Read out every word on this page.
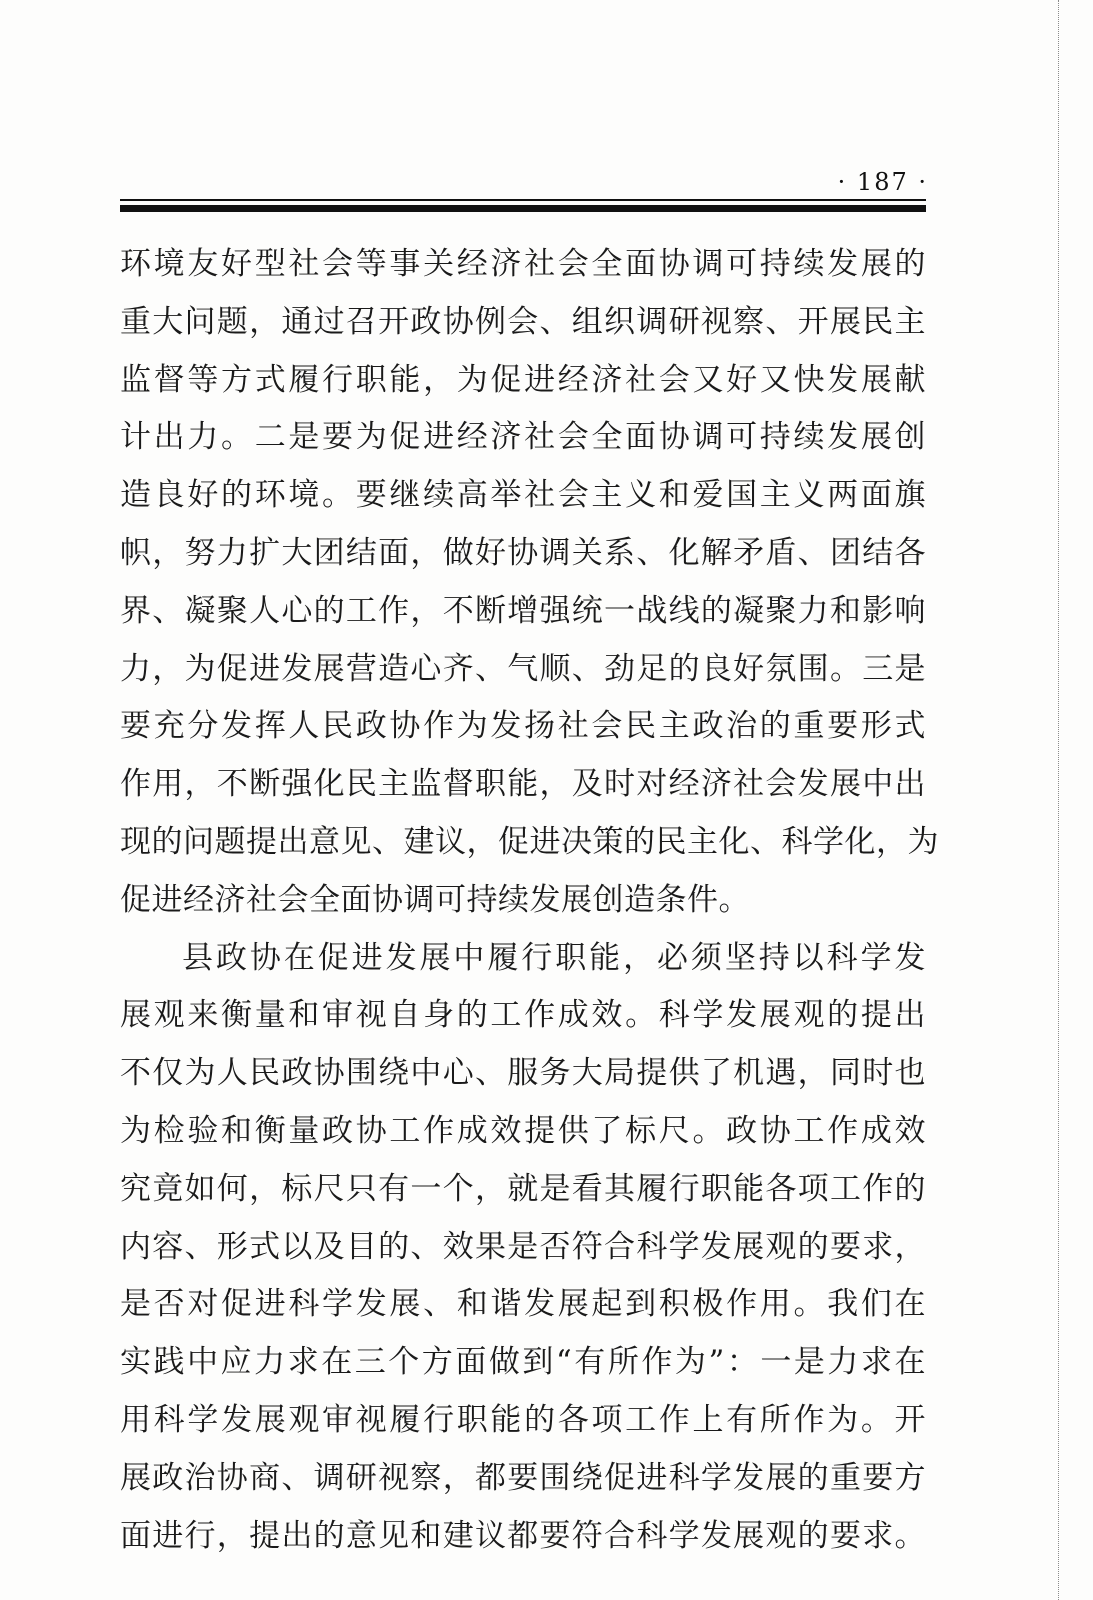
· 187 ·
环境友好型社会等事关经济社会全面协调可持续发展的
重大问题，通过召开政协例会、组织调研视察、开展民主
监督等方式履行职能，为促进经济社会又好又快发展献
计出力。二是要为促进经济社会全面协调可持续发展创
造良好的环境。要继续高举社会主义和爱国主义两面旗
帜，努力扩大团结面，做好协调关系、化解矛盾、团结各
界、凝聚人心的工作，不断增强统一战线的凝聚力和影响
力，为促进发展营造心齐、气顺、劲足的良好氛围。三是
要充分发挥人民政协作为发扬社会民主政治的重要形式
作用，不断强化民主监督职能，及时对经济社会发展中出
现的问题提出意见、建议，促进决策的民主化、科学化，为
促进经济社会全面协调可持续发展创造条件。
县政协在促进发展中履行职能，必须坚持以科学发
展观来衡量和审视自身的工作成效。科学发展观的提出
不仅为人民政协围绕中心、服务大局提供了机遇，同时也
为检验和衡量政协工作成效提供了标尺。政协工作成效
究竟如何，标尺只有一个，就是看其履行职能各项工作的
内容、形式以及目的、效果是否符合科学发展观的要求，
是否对促进科学发展、和谐发展起到积极作用。我们在
实践中应力求在三个方面做到“有所作为”：一是力求在
用科学发展观审视履行职能的各项工作上有所作为。开
展政治协商、调研视察，都要围绕促进科学发展的重要方
面进行，提出的意见和建议都要符合科学发展观的要求。
